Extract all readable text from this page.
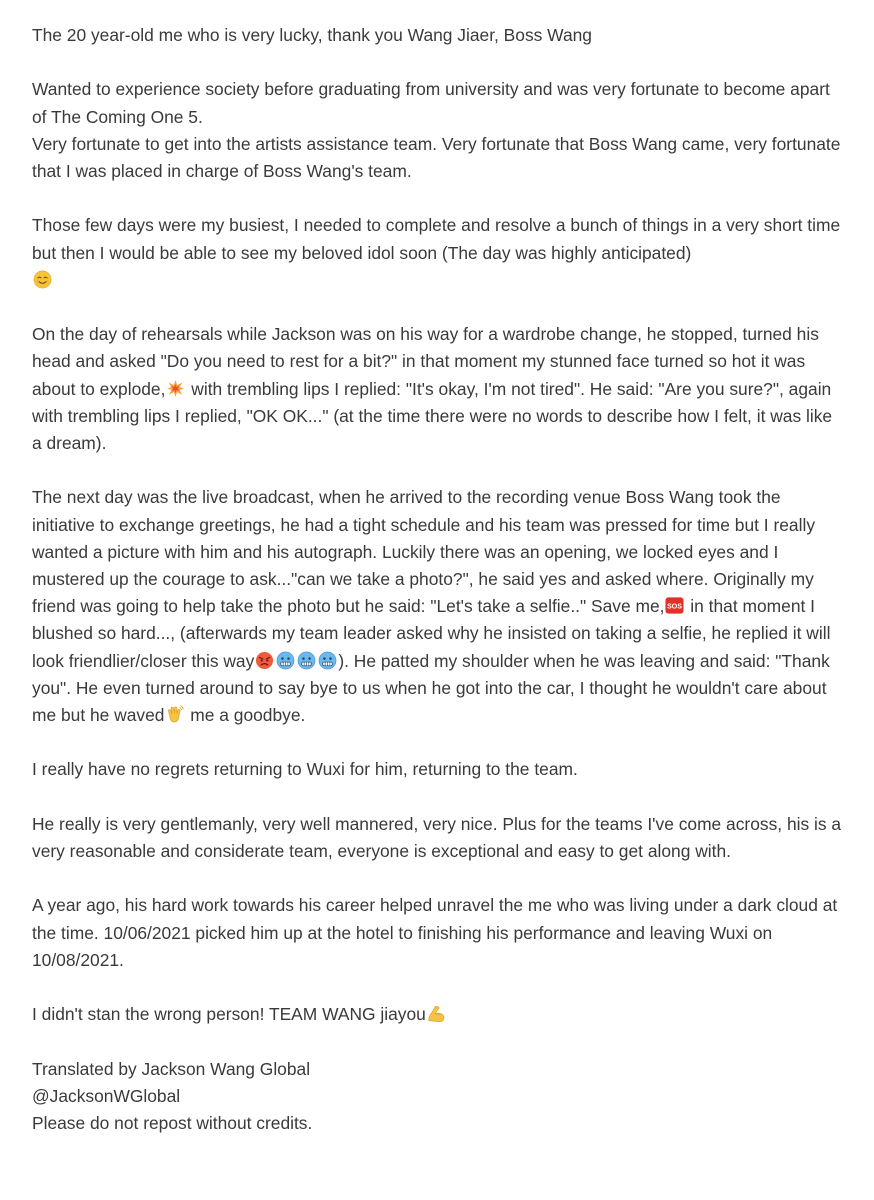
The 20 year-old me who is very lucky, thank you Wang Jiaer, Boss Wang

Wanted to experience society before graduating from university and was very fortunate to become apart of The Coming One 5.

Very fortunate to get into the artists assistance team. Very fortunate that Boss Wang came, very fortunate that I was placed in charge of Boss Wang's team.

Those few days were my busiest, I needed to complete and resolve a bunch of things in a very short time but then I would be able to see my beloved idol soon (The day was highly anticipated)

On the day of rehearsals while Jackson was on his way for a wardrobe change, he stopped, turned his head and asked "Do you need to rest for a bit?" in that moment my stunned face turned so hot it was about to explode,
with trembling lips I replied: "It's okay, I'm not tired". He said: "Are you sure?", again with trembling lips I replied, "OK OK..." (at the time there were no words to describe how I felt, it was like a dream).

The next day was the live broadcast, when he arrived to the recording venue Boss Wang took the initiative to exchange greetings, he had a tight schedule and his team was pressed for time but I really wanted a picture with him and his autograph. Luckily there was an opening, we locked eyes and I mustered up the courage to ask..."can we take a photo?", he said yes and asked where. Originally my friend was going to help take the photo but he said: "Let's take a selfie.." Save me, SOS in that moment I blushed so hard..., (afterwards my team leader asked why he insisted on taking a selfie, he replied it will look friendlier/closer this way	). He patted my shoulder when he was leaving and said: "Thank you". He even turned around to say bye to us when he got into the car, I thought he wouldn't care about me but he waved
me a goodbye.

I really have no regrets returning to Wuxi for him, returning to the team.

He really is very gentlemanly, very well mannered, very nice. Plus for the teams I've come across, his is a very reasonable and considerate team, everyone is exceptional and easy to get along with.

A year ago, his hard work towards his career helped unravel the me who was living under a dark cloud at the time. 10/06/2021 picked him up at the hotel to finishing his performance and leaving Wuxi on 10/08/2021.

I didn't stan the wrong person! TEAM WANG jiayou

Translated by Jackson Wang Global

@JacksonWGlobal

Please do not repost without credits.
